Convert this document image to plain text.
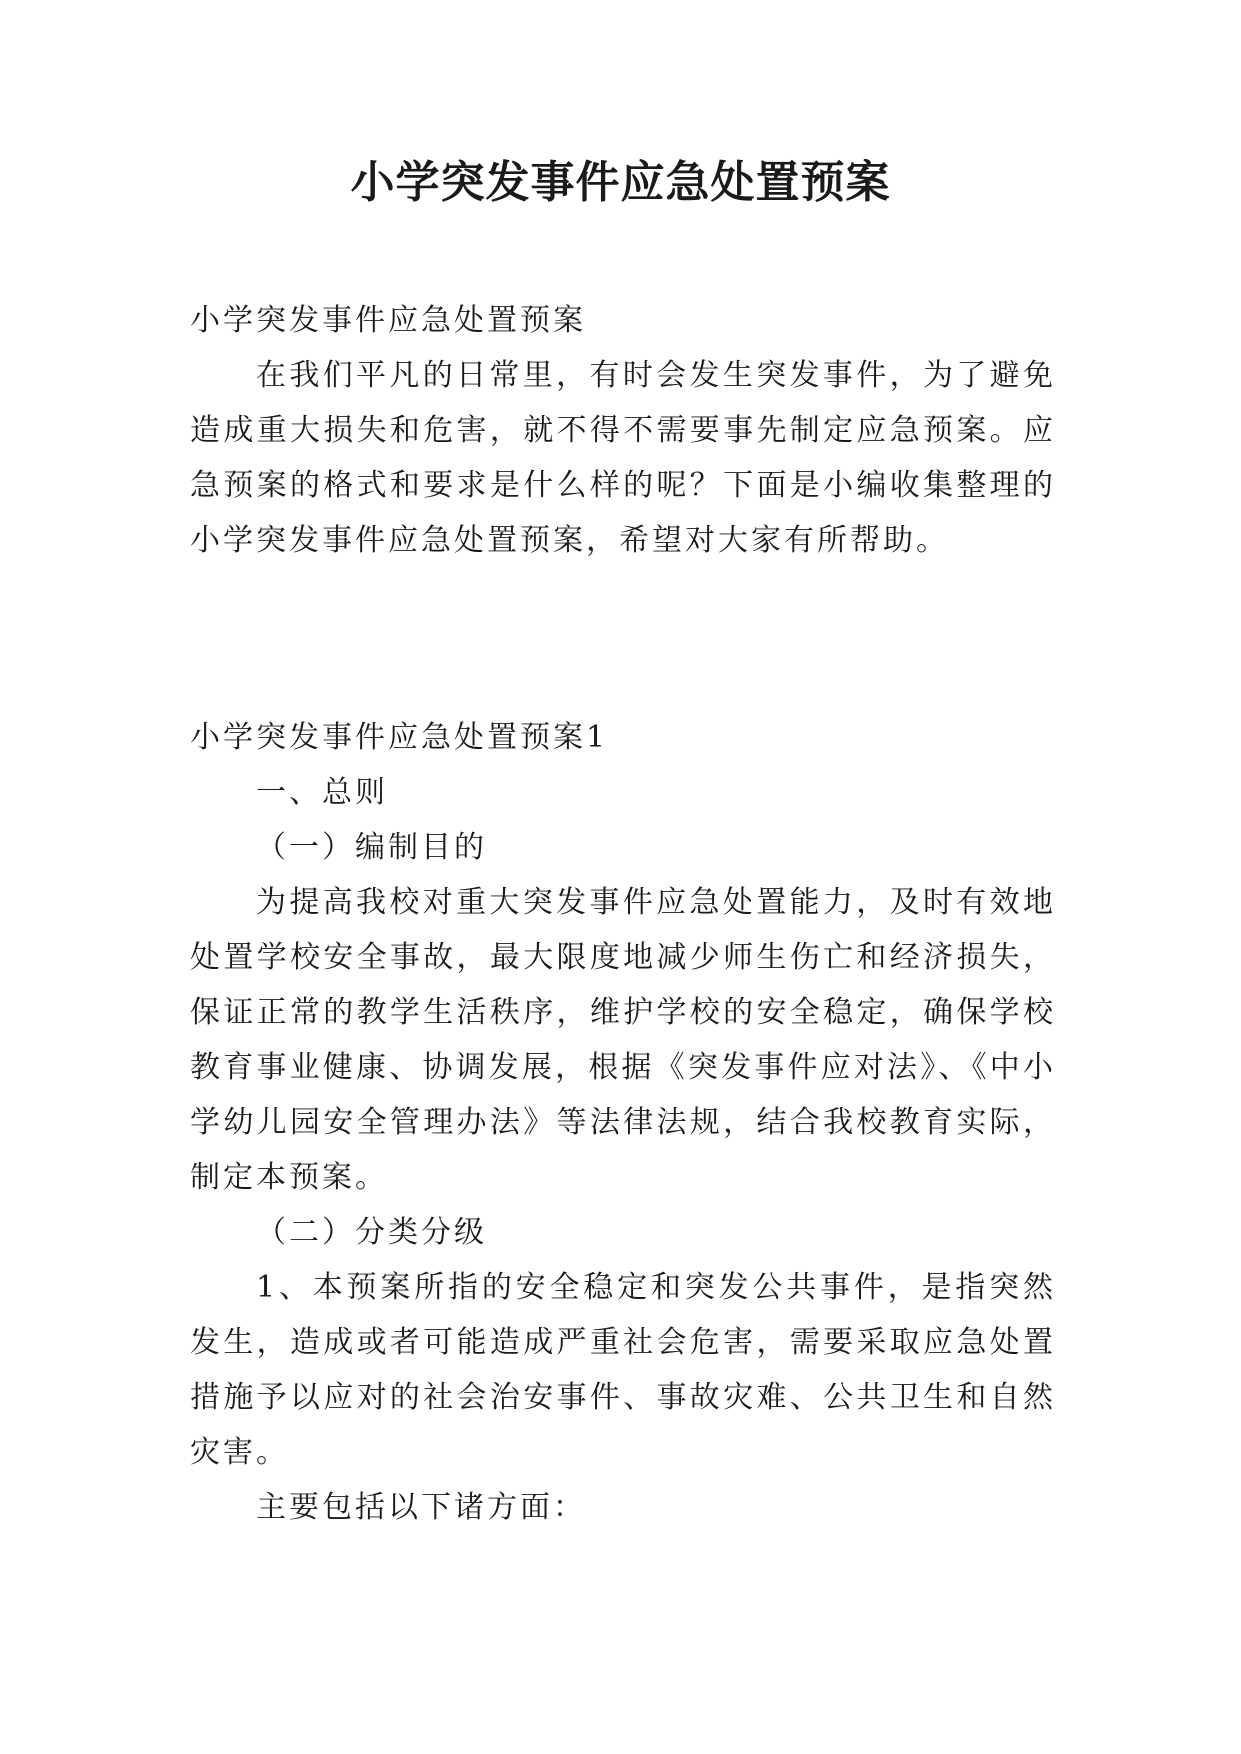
小学突发事件应急处置预案

小学突发事件应急处置预案

在我们平凡的日常里，有时会发生突发事件，为了避免造成重大损失和危害，就不得不需要事先制定应急预案。应急预案的格式和要求是什么样的呢？下面是小编收集整理的小学突发事件应急处置预案，希望对大家有所帮助。

小学突发事件应急处置预案1

一、总则

（一）编制目的

为提高我校对重大突发事件应急处置能力，及时有效地处置学校安全事故，最大限度地减少师生伤亡和经济损失，保证正常的教学生活秩序，维护学校的安全稳定，确保学校教育事业健康、协调发展，根据《突发事件应对法》、《中小学幼儿园安全管理办法》等法律法规，结合我校教育实际，制定本预案。

（二）分类分级

1、本预案所指的安全稳定和突发公共事件，是指突然发生，造成或者可能造成严重社会危害，需要采取应急处置措施予以应对的社会治安事件、事故灾难、公共卫生和自然灾害。

主要包括以下诸方面：
